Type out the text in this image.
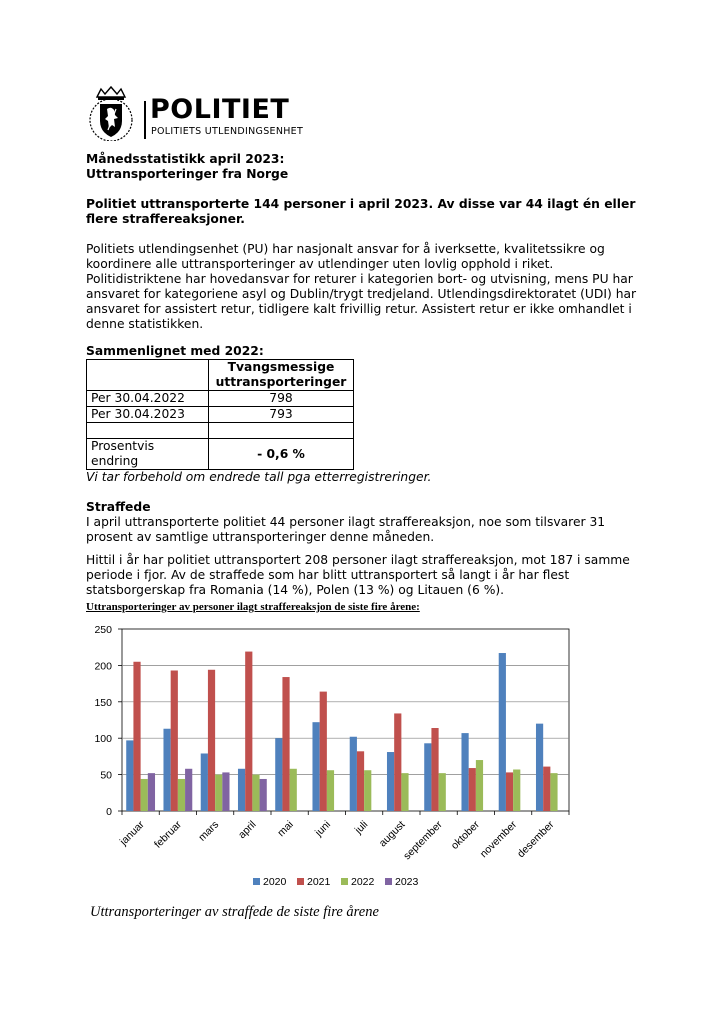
POLITIET
POLITIETS UTLENDINGSENHET

Månedsstatistikk april 2023:

Uttransporteringer fra Norge

Politiet uttransporterte 144 personer i april 2023. Av disse var 44 ilagt én eller flere straffereaksjoner.

Politiets utlendingsenhet (PU) har nasjonalt ansvar for å iverksette, kvalitetssikre og koordinere alle uttransporteringer av utlendinger uten lovlig opphold i riket. Politidistriktene har hovedansvar for returer i kategorien bort- og utvisning, mens PU har ansvaret for kategoriene asyl og Dublin/trygt tredjeland. Utlendingsdirektoratet (UDI) har ansvaret for assistert retur, tidligere kalt frivillig retur. Assistert retur er ikke omhandlet i denne statistikken.

Sammenlignet med 2022:

	Tvangsmessige
uttransporteringer

Per 30.04.2022	798
Per 30.04.2023	793

Prosentvis endring	- 0,6 %

Vi tar forbehold om endrede tall pga etterregistreringer.

Straffede

I april uttransporterte politiet 44 personer ilagt straffereaksjon, noe som tilsvarer 31 prosent av samtlige uttransporteringer denne måneden.

Hittil i år har politiet uttransportert 208 personer ilagt straffereaksjon, mot 187 i samme periode i fjor. Av de straffede som har blitt uttransportert så langt i år har flest statsborgerskap fra Romania (14 %), Polen (13 %) og Litauen (6 %).

Uttransporteringer av personer ilagt straffereaksjon de siste fire årene:
0
50
100
150
200
250
januar februar mars april mai juni juli august
september oktober
november
desember
2020 2021 2022 2023
Uttransporteringer av straffede de siste fire årene
